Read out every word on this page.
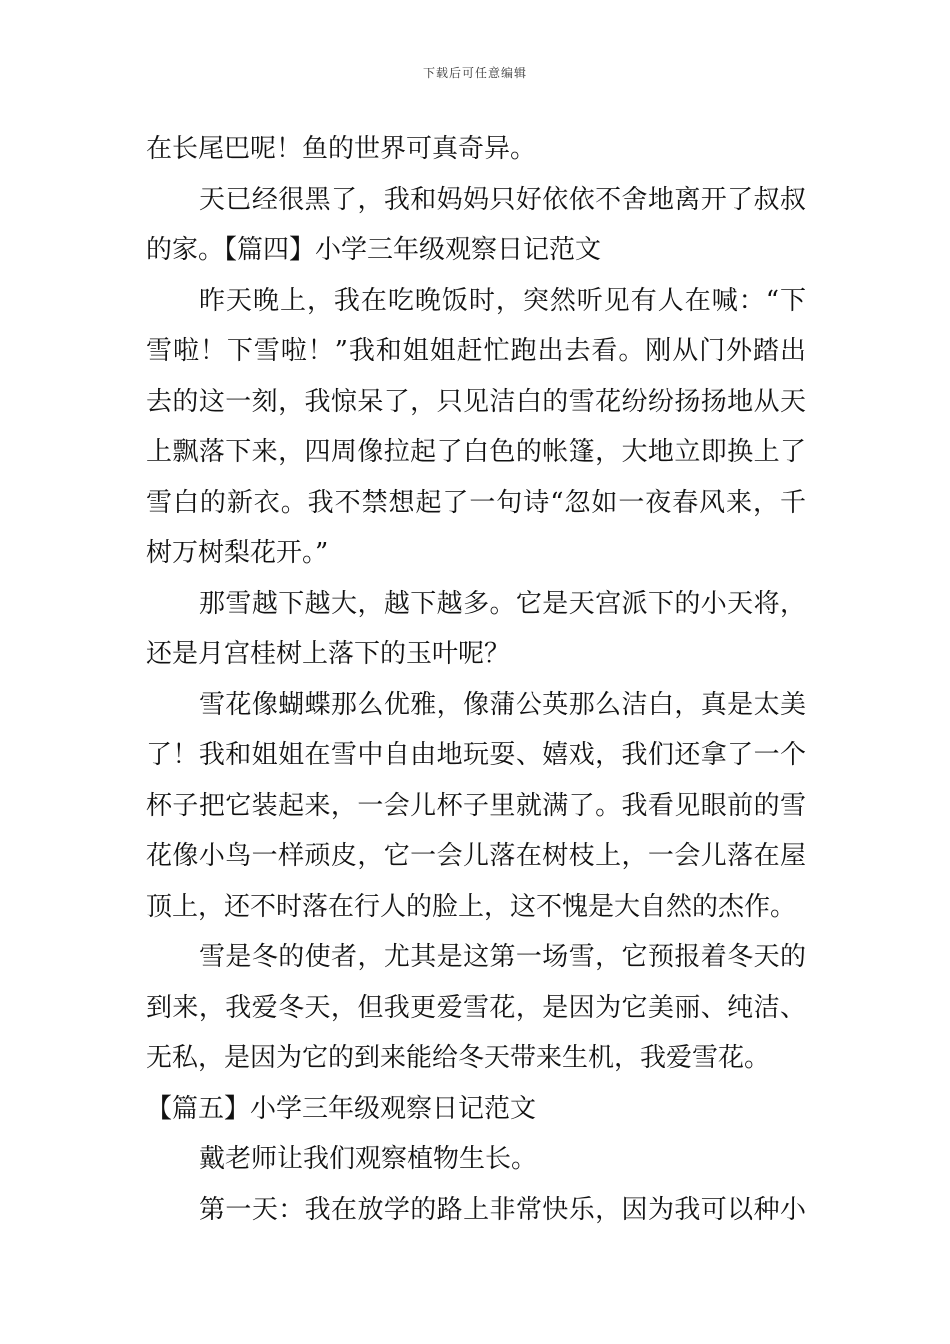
下载后可任意编辑
在长尾巴呢！鱼的世界可真奇异。
天已经很黑了，我和妈妈只好依依不舍地离开了叔叔
的家。【篇四】小学三年级观察日记范文
昨天晚上，我在吃晚饭时，突然听见有人在喊：“下
雪啦！下雪啦！”我和姐姐赶忙跑出去看。刚从门外踏出
去的这一刻，我惊呆了，只见洁白的雪花纷纷扬扬地从天
上飘落下来，四周像拉起了白色的帐篷，大地立即换上了
雪白的新衣。我不禁想起了一句诗“忽如一夜春风来，千
树万树梨花开。”
那雪越下越大，越下越多。它是天宫派下的小天将，
还是月宫桂树上落下的玉叶呢？
雪花像蝴蝶那么优雅，像蒲公英那么洁白，真是太美
了！我和姐姐在雪中自由地玩耍、嬉戏，我们还拿了一个
杯子把它装起来，一会儿杯子里就满了。我看见眼前的雪
花像小鸟一样顽皮，它一会儿落在树枝上，一会儿落在屋
顶上，还不时落在行人的脸上，这不愧是大自然的杰作。
雪是冬的使者，尤其是这第一场雪，它预报着冬天的
到来，我爱冬天，但我更爱雪花，是因为它美丽、纯洁、
无私，是因为它的到来能给冬天带来生机，我爱雪花。
【篇五】小学三年级观察日记范文
戴老师让我们观察植物生长。
第一天：我在放学的路上非常快乐，因为我可以种小
